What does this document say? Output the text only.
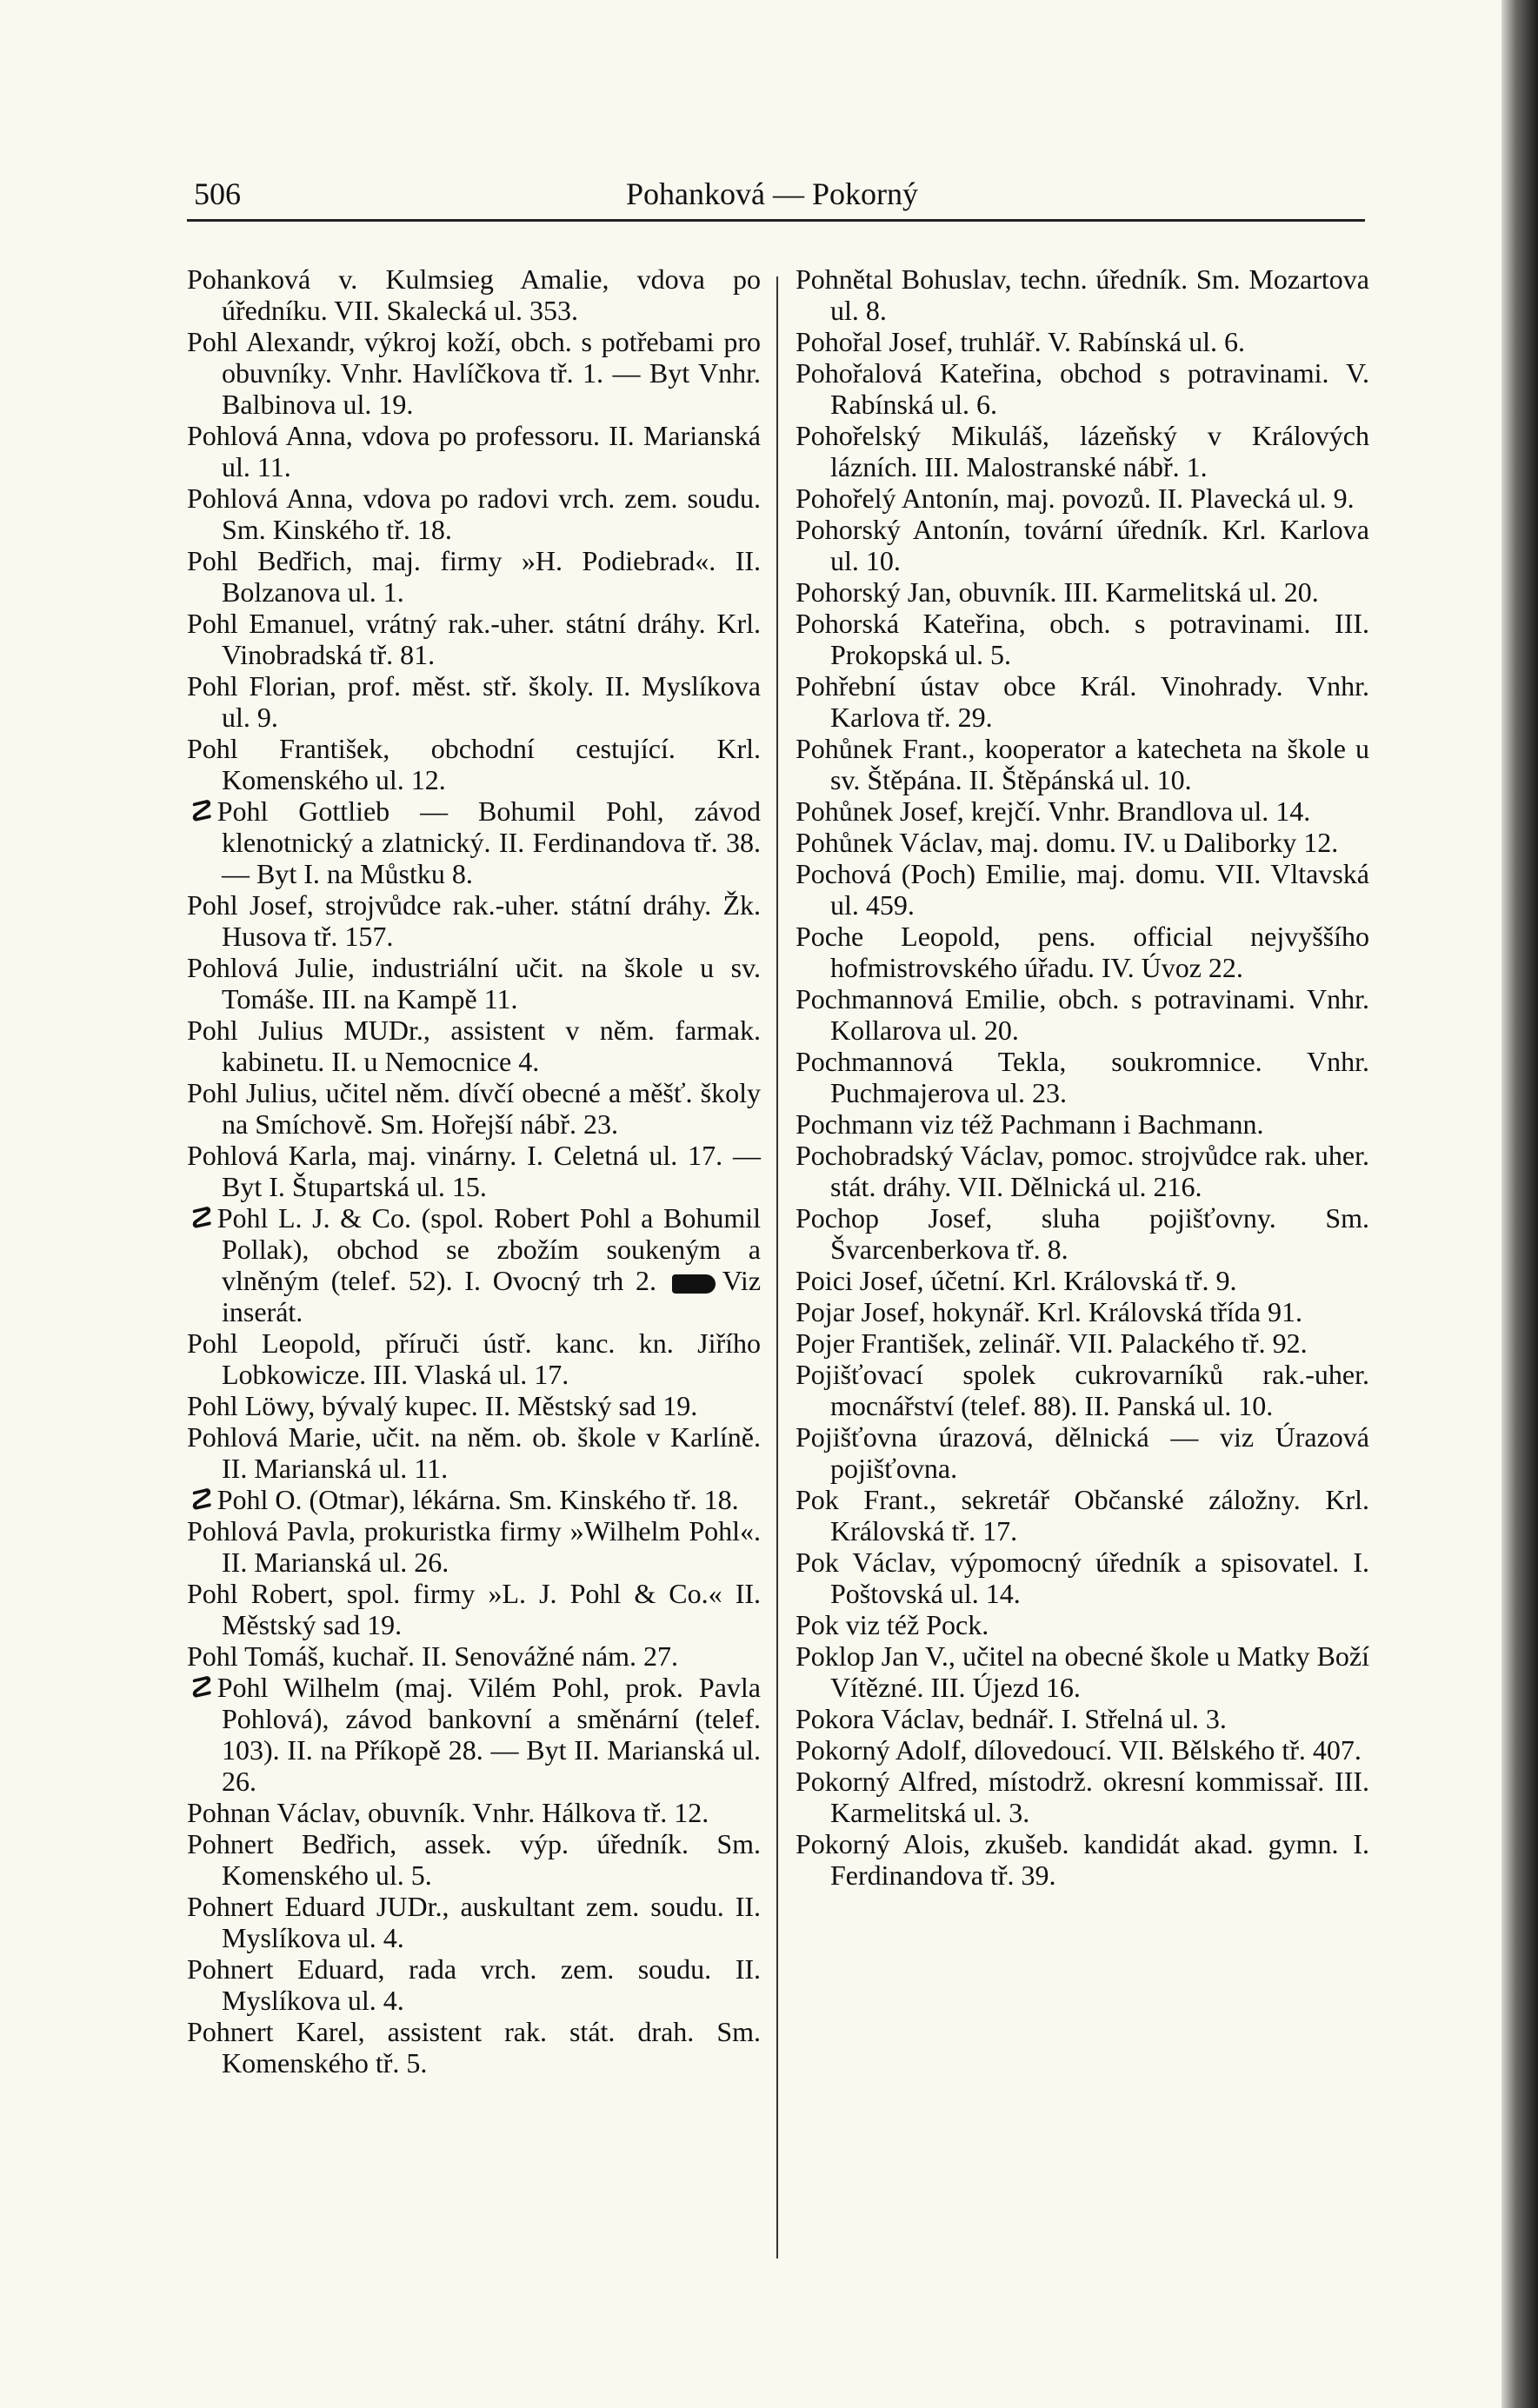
506	Pohanková — Pokorný

Pohanková v. Kulmsieg Amalie, vdova po úředníku. VII. Skalecká ul. 353.

Pohl Alexandr, výkroj koží, obch. s potřebami pro obuvníky. Vnhr. Havlíčkova tř. 1. — Byt Vnhr. Balbinova ul. 19.

Pohlová Anna, vdova po professoru. II. Marianská ul. 11.

Pohlová Anna, vdova po radovi vrch. zem. soudu. Sm. Kinského tř. 18.

Pohl Bedřich, maj. firmy »H. Podiebrad«. II. Bolzanova ul. 1.

Pohl Emanuel, vrátný rak.-uher. státní dráhy. Krl. Vinobradská tř. 81.

Pohl Florian, prof. měst. stř. školy. II. Myslíkova ul. 9.

Pohl František, obchodní cestující. Krl. Komenského ul. 12.

☡ Pohl Gottlieb — Bohumil Pohl, závod klenotnický a zlatnický. II. Ferdinandova tř. 38. — Byt I. na Můstku 8.

Pohl Josef, strojvůdce rak.-uher. státní dráhy. Žk. Husova tř. 157.

Pohlová Julie, industriální učit. na škole u sv. Tomáše. III. na Kampě 11.

Pohl Julius MUDr., assistent v něm. farmak. kabinetu. II. u Nemocnice 4.

Pohl Julius, učitel něm. dívčí obecné a měšť. školy na Smíchově. Sm. Hořejší nábř. 23.

Pohlová Karla, maj. vinárny. I. Celetná ul. 17. — Byt I. Štupartská ul. 15.

☡ Pohl L. J. & Co. (spol. Robert Pohl a Bohumil Pollak), obchod se zbožím soukeným a vlněným (telef. 52). I. Ovocný trh 2. Viz inserát.

Pohl Leopold, příruči ústř. kanc. kn. Jiřího Lobkowicze. III. Vlaská ul. 17.

Pohl Löwy, bývalý kupec. II. Městský sad 19.

Pohlová Marie, učit. na něm. ob. škole v Karlíně. II. Marianská ul. 11.

☡ Pohl O. (Otmar), lékárna. Sm. Kinského tř. 18.

Pohlová Pavla, prokuristka firmy »Wilhelm Pohl«. II. Marianská ul. 26.

Pohl Robert, spol. firmy »L. J. Pohl & Co.« II. Městský sad 19.

Pohl Tomáš, kuchař. II. Senovážné nám. 27.

☡ Pohl Wilhelm (maj. Vilém Pohl, prok. Pavla Pohlová), závod bankovní a směnární (telef. 103). II. na Příkopě 28. — Byt II. Marianská ul. 26.

Pohnan Václav, obuvník. Vnhr. Hálkova tř. 12.

Pohnert Bedřich, assek. výp. úředník. Sm. Komenského ul. 5.

Pohnert Eduard JUDr., auskultant zem. soudu. II. Myslíkova ul. 4.

Pohnert Eduard, rada vrch. zem. soudu. II. Myslíkova ul. 4.

Pohnert Karel, assistent rak. stát. drah. Sm. Komenského tř. 5.

Pohnětal Bohuslav, techn. úředník. Sm. Mozartova ul. 8.

Pohořal Josef, truhlář. V. Rabínská ul. 6.

Pohořalová Kateřina, obchod s potravinami. V. Rabínská ul. 6.

Pohořelský Mikuláš, lázeňský v Králových lázních. III. Malostranské nábř. 1.

Pohořelý Antonín, maj. povozů. II. Plavecká ul. 9.

Pohorský Antonín, tovární úředník. Krl. Karlova ul. 10.

Pohorský Jan, obuvník. III. Karmelitská ul. 20.

Pohorská Kateřina, obch. s potravinami. III. Prokopská ul. 5.

Pohřební ústav obce Král. Vinohrady. Vnhr. Karlova tř. 29.

Pohůnek Frant., kooperator a katecheta na škole u sv. Štěpána. II. Štěpánská ul. 10.

Pohůnek Josef, krejčí. Vnhr. Brandlova ul. 14.

Pohůnek Václav, maj. domu. IV. u Daliborky 12.

Pochová (Poch) Emilie, maj. domu. VII. Vltavská ul. 459.

Poche Leopold, pens. official nejvyššího hofmistrovského úřadu. IV. Úvoz 22.

Pochmannová Emilie, obch. s potravinami. Vnhr. Kollarova ul. 20.

Pochmannová Tekla, soukromnice. Vnhr. Puchmajerova ul. 23.

Pochmann viz též Pachmann i Bachmann.

Pochobradský Václav, pomoc. strojvůdce rak. uher. stát. dráhy. VII. Dělnická ul. 216.

Pochop Josef, sluha pojišťovny. Sm. Švarcenberkova tř. 8.

Poici Josef, účetní. Krl. Královská tř. 9.

Pojar Josef, hokynář. Krl. Královská třída 91.

Pojer František, zelinář. VII. Palackého tř. 92.

Pojišťovací spolek cukrovarníků rak.-uher. mocnářství (telef. 88). II. Panská ul. 10.

Pojišťovna úrazová, dělnická — viz Úrazová pojišťovna.

Pok Frant., sekretář Občanské záložny. Krl. Královská tř. 17.

Pok Václav, výpomocný úředník a spisovatel. I. Poštovská ul. 14.

Pok viz též Pock.

Poklop Jan V., učitel na obecné škole u Matky Boží Vítězné. III. Újezd 16.

Pokora Václav, bednář. I. Střelná ul. 3.

Pokorný Adolf, dílovedoucí. VII. Bělského tř. 407.

Pokorný Alfred, místodrž. okresní kommissař. III. Karmelitská ul. 3.

Pokorný Alois, zkušeb. kandidát akad. gymn. I. Ferdinandova tř. 39.
